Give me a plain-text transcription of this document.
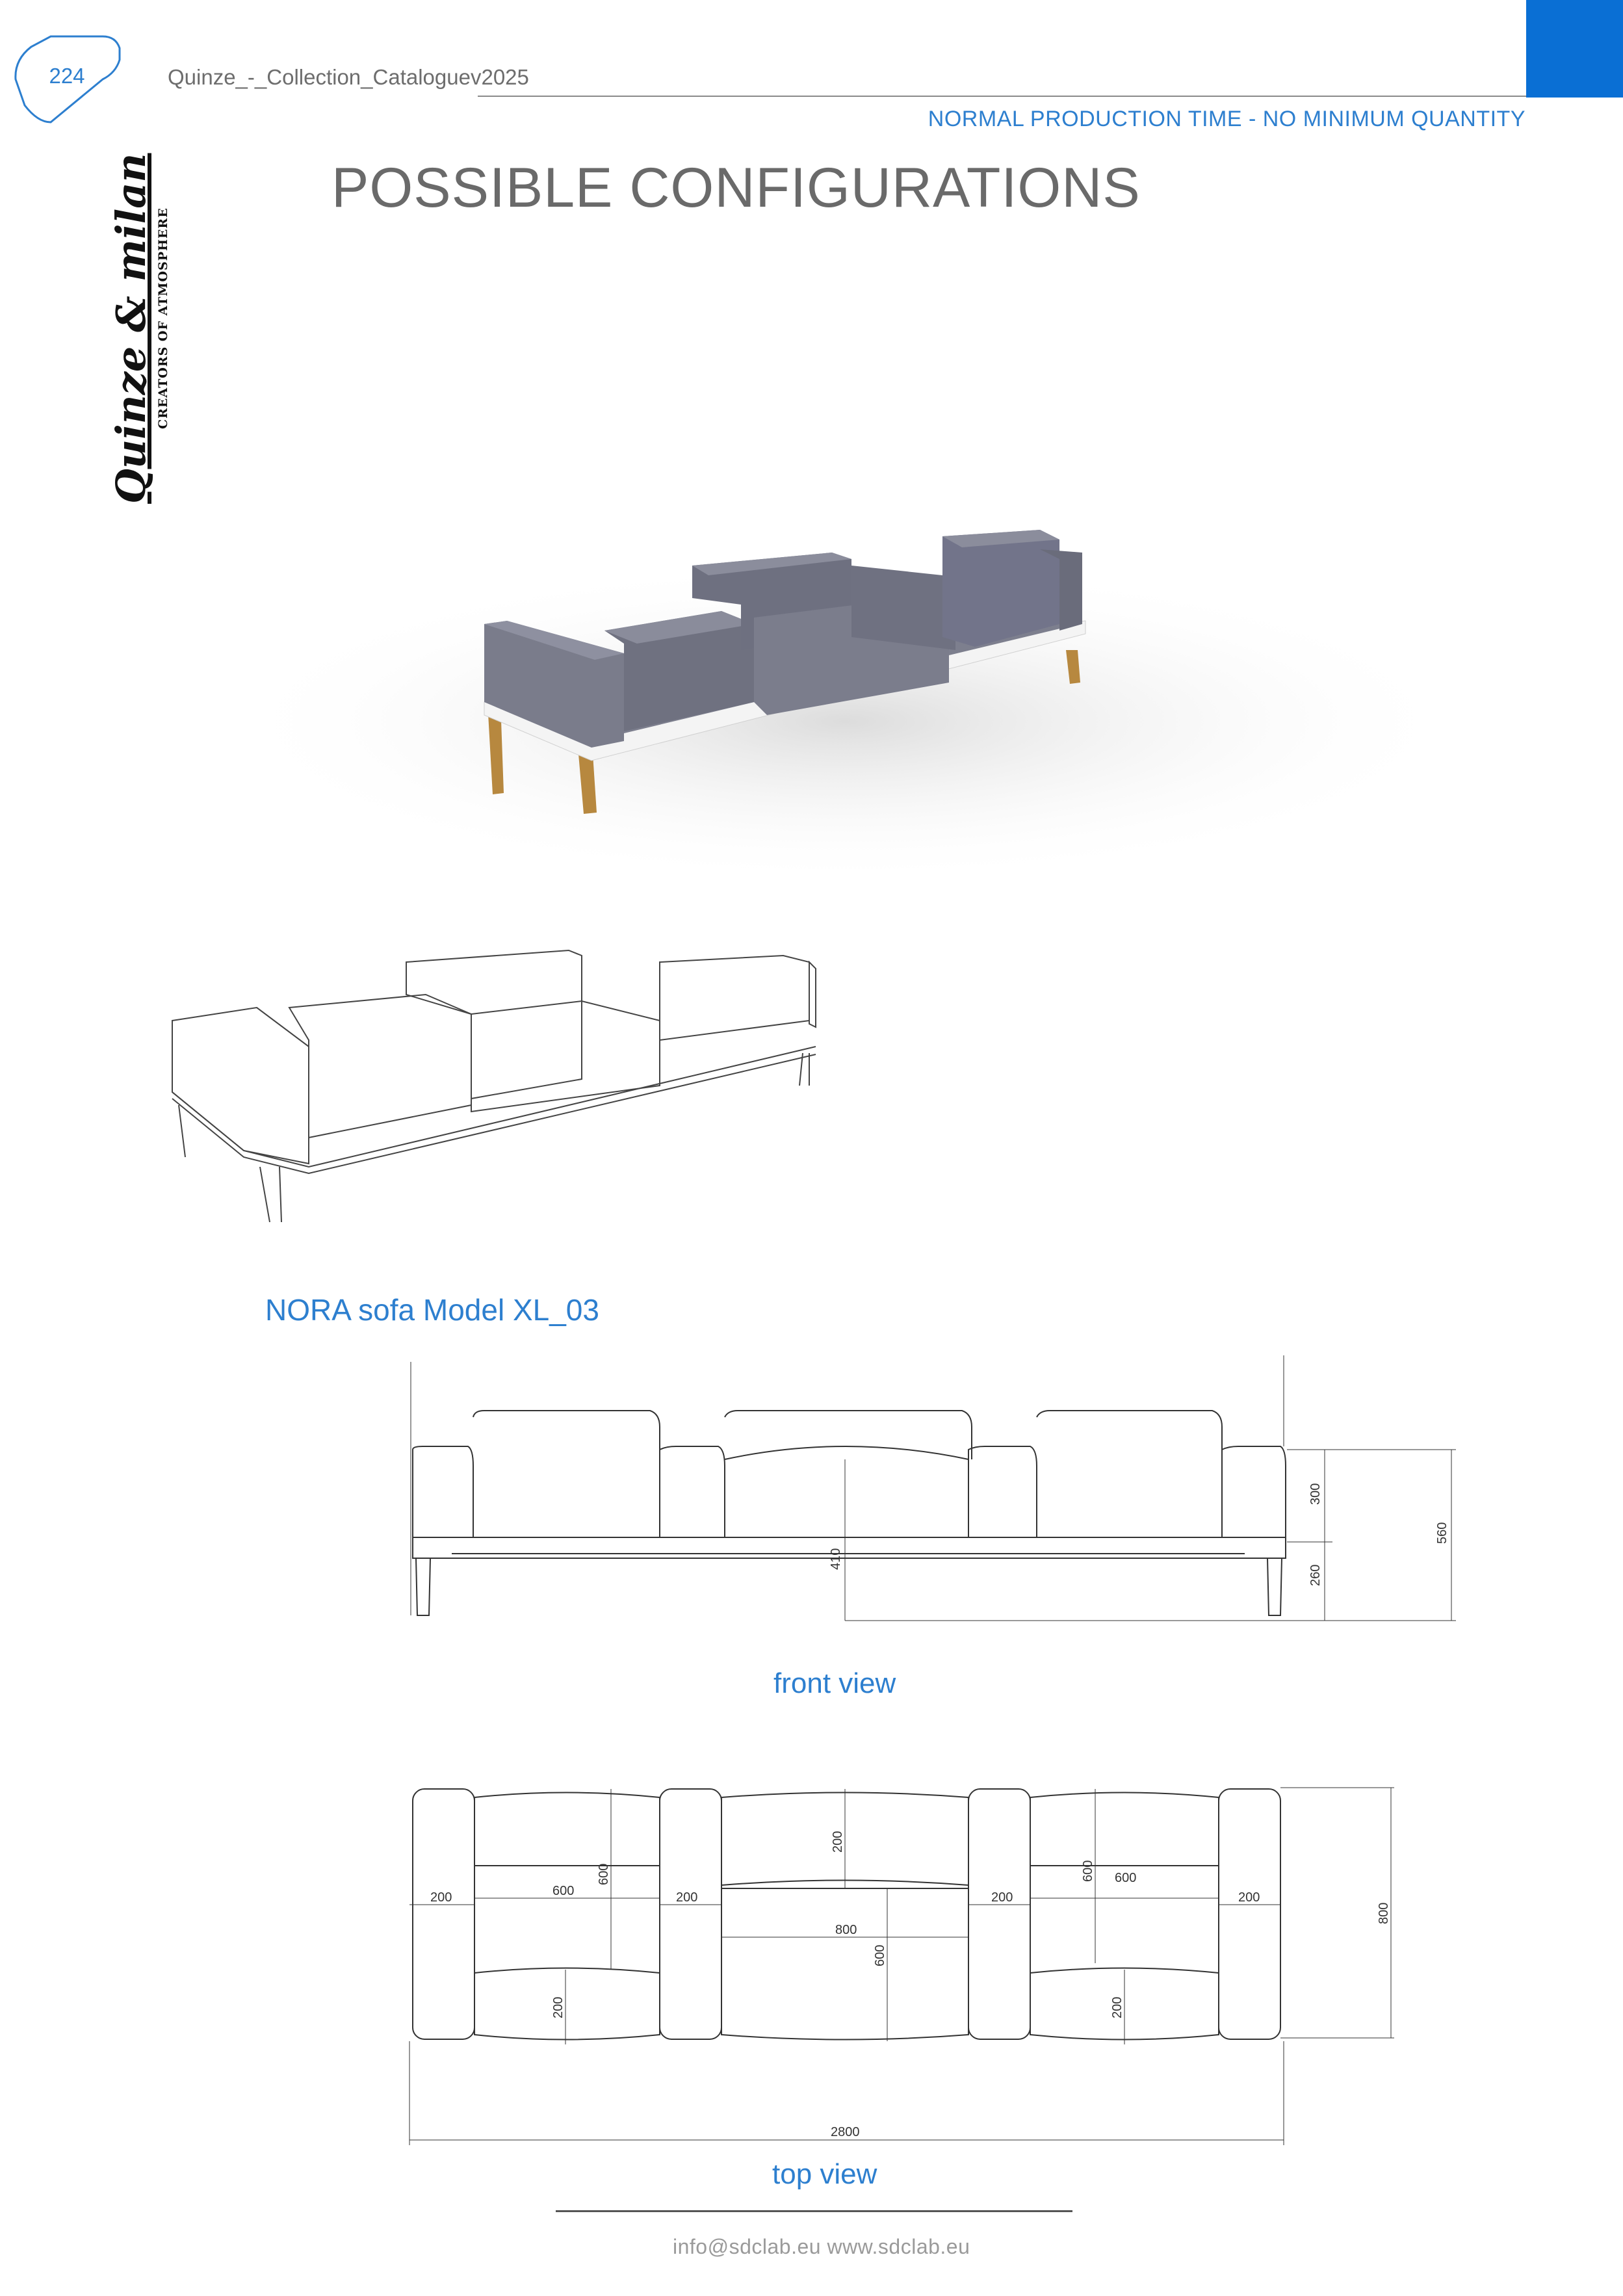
224	Quinze_-_Collection_Cataloguev2025
NORMAL PRODUCTION TIME - NO MINIMUM QUANTITY
Quinze & milan CREATORS OF ATMOSPHERE
POSSIBLE CONFIGURATIONS
NORA sofa Model XL_03
300
260
560
410
front view
200	600	200
800
200
600
200
600
200
200
600
600
200
800
2800
top view
info@sdclab.eu www.sdclab.eu
